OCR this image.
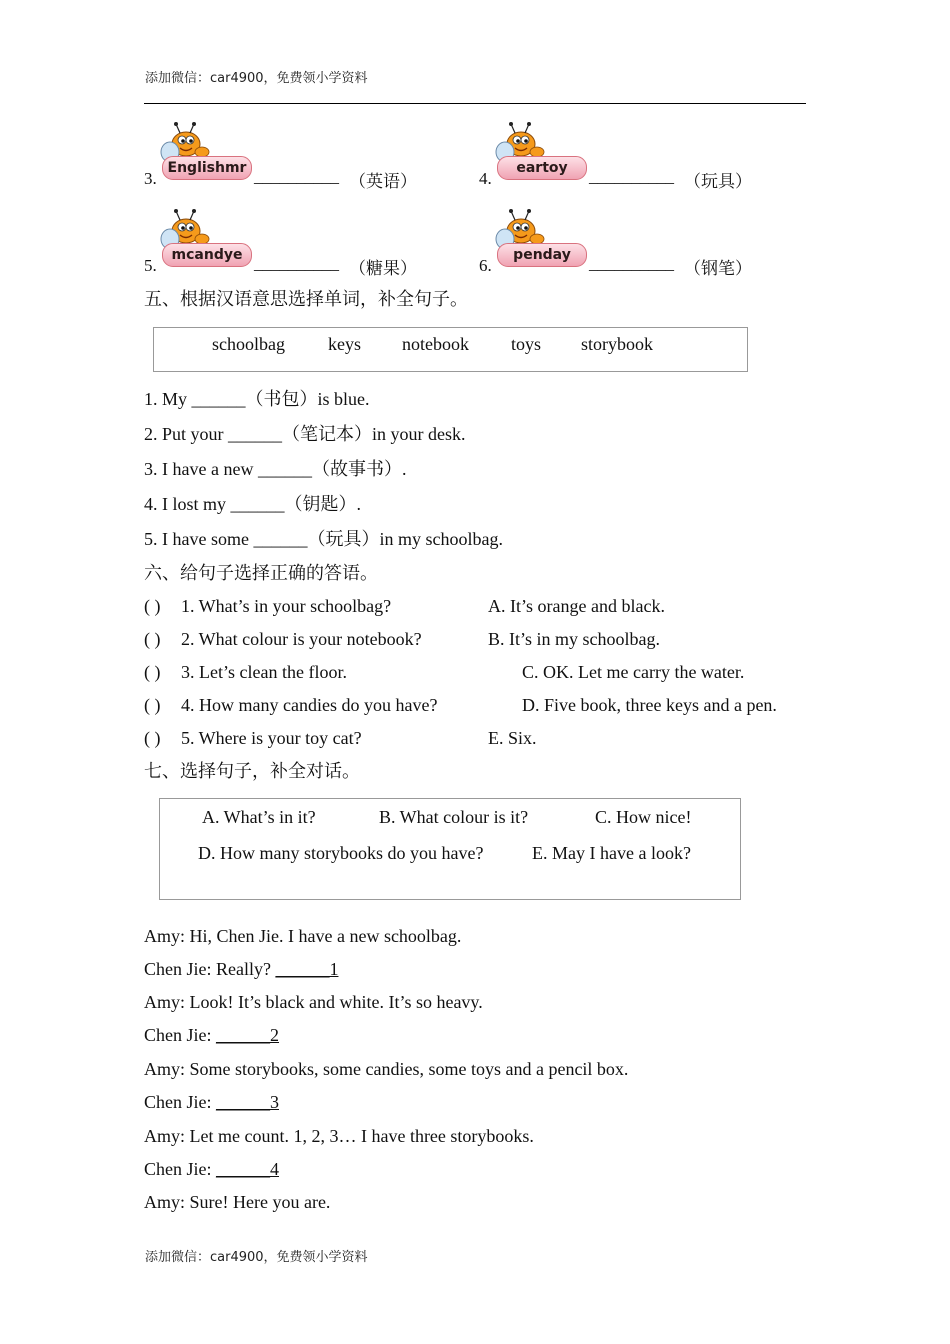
添加微信：car4900，免费领小学资料
3.
Englishmr __________ （英语）	4.
eartoy	__________ （玩具）
5.
mcandye __________ （糖果）	6.
penday	__________ （钢笔）
五、根据汉语意思选择单词，补全句子。
schoolbag keys notebook toys storybook
1. My ______（书包）is blue.
2. Put your ______（笔记本）in your desk.
3. I have a new ______（故事书）.
4. I lost my ______（钥匙）.
5. I have some ______（玩具）in my schoolbag.
六、给句子选择正确的答语。
( ) 1. What’s in your schoolbag?	A. It’s orange and black.
( ) 2. What colour is your notebook?	B. It’s in my schoolbag.
( ) 3. Let’s clean the floor.	C. OK. Let me carry the water.
( ) 4. How many candies do you have?	D. Five book, three keys and a pen.
( ) 5. Where is your toy cat?	E. Six.
七、选择句子，补全对话。
A. What’s in it?	B. What colour is it?	C. How nice!
D. How many storybooks do you have?	E. May I have a look?
Amy: Hi, Chen Jie. I have a new schoolbag.
Chen Jie: Really? ______1
Amy: Look! It’s black and white. It’s so heavy.
Chen Jie: ______2
Amy: Some storybooks, some candies, some toys and a pencil box.
Chen Jie: ______3
Amy: Let me count. 1, 2, 3… I have three storybooks.
Chen Jie: ______4
Amy: Sure! Here you are.
添加微信：car4900，免费领小学资料
